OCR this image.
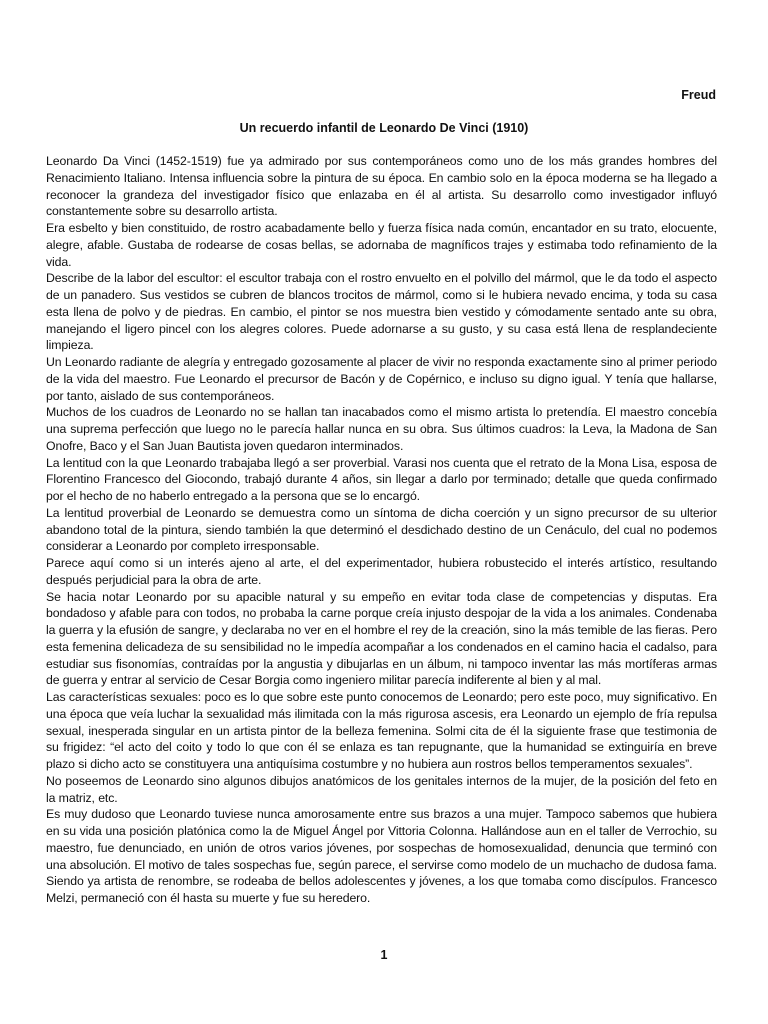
Freud
Un recuerdo infantil de Leonardo De Vinci (1910)

Leonardo Da Vinci (1452-1519) fue ya admirado por sus contemporáneos como uno de los más grandes hombres del Renacimiento Italiano. Intensa influencia sobre la pintura de su época. En cambio solo en la época moderna se ha llegado a reconocer la grandeza del investigador físico que enlazaba en él al artista. Su desarrollo como investigador influyó constantemente sobre su desarrollo artista.

Era esbelto y bien constituido, de rostro acabadamente bello y fuerza física nada común, encantador en su trato, elocuente, alegre, afable. Gustaba de rodearse de cosas bellas, se adornaba de magníficos trajes y estimaba todo refinamiento de la vida.

Describe de la labor del escultor: el escultor trabaja con el rostro envuelto en el polvillo del mármol, que le da todo el aspecto de un panadero. Sus vestidos se cubren de blancos trocitos de mármol, como si le hubiera nevado encima, y toda su casa esta llena de polvo y de piedras. En cambio, el pintor se nos muestra bien vestido y cómodamente sentado ante su obra, manejando el ligero pincel con los alegres colores. Puede adornarse a su gusto, y su casa está llena de resplandeciente limpieza.

Un Leonardo radiante de alegría y entregado gozosamente al placer de vivir no responda exactamente sino al primer periodo de la vida del maestro. Fue Leonardo el precursor de Bacón y de Copérnico, e incluso su digno igual. Y tenía que hallarse, por tanto, aislado de sus contemporáneos.

Muchos de los cuadros de Leonardo no se hallan tan inacabados como el mismo artista lo pretendía. El maestro concebía una suprema perfección que luego no le parecía hallar nunca en su obra. Sus últimos cuadros: la Leva, la Madona de San Onofre, Baco y el San Juan Bautista joven quedaron interminados.

La lentitud con la que Leonardo trabajaba llegó a ser proverbial. Varasi nos cuenta que el retrato de la Mona Lisa, esposa de Florentino Francesco del Giocondo, trabajó durante 4 años, sin llegar a darlo por terminado; detalle que queda confirmado por el hecho de no haberlo entregado a la persona que se lo encargó.

La lentitud proverbial de Leonardo se demuestra como un síntoma de dicha coerción y un signo precursor de su ulterior abandono total de la pintura, siendo también la que determinó el desdichado destino de un Cenáculo, del cual no podemos considerar a Leonardo por completo irresponsable.

Parece aquí como si un interés ajeno al arte, el del experimentador, hubiera robustecido el interés artístico, resultando después perjudicial para la obra de arte.

Se hacia notar Leonardo por su apacible natural y su empeño en evitar toda clase de competencias y disputas. Era bondadoso y afable para con todos, no probaba la carne porque creía injusto despojar de la vida a los animales. Condenaba la guerra y la efusión de sangre, y declaraba no ver en el hombre el rey de la creación, sino la más temible de las fieras. Pero esta femenina delicadeza de su sensibilidad no le impedía acompañar a los condenados en el camino hacia el cadalso, para estudiar sus fisonomías, contraídas por la angustia y dibujarlas en un álbum, ni tampoco inventar las más mortíferas armas de guerra y entrar al servicio de Cesar Borgia como ingeniero militar parecía indiferente al bien y al mal.

Las características sexuales: poco es lo que sobre este punto conocemos de Leonardo; pero este poco, muy significativo. En una época que veía luchar la sexualidad más ilimitada con la más rigurosa ascesis, era Leonardo un ejemplo de fría repulsa sexual, inesperada singular en un artista pintor de la belleza femenina. Solmi cita de él la siguiente frase que testimonia de su frigidez: “el acto del coito y todo lo que con él se enlaza es tan repugnante, que la humanidad se extinguiría en breve plazo si dicho acto se constituyera una antiquísima costumbre y no hubiera aun rostros bellos temperamentos sexuales”.

No poseemos de Leonardo sino algunos dibujos anatómicos de los genitales internos de la mujer, de la posición del feto en la matriz, etc.

Es muy dudoso que Leonardo tuviese nunca amorosamente entre sus brazos a una mujer. Tampoco sabemos que hubiera en su vida una posición platónica como la de Miguel Ángel por Vittoria Colonna. Hallándose aun en el taller de Verrochio, su maestro, fue denunciado, en unión de otros varios jóvenes, por sospechas de homosexualidad, denuncia que terminó con una absolución. El motivo de tales sospechas fue, según parece, el servirse como modelo de un muchacho de dudosa fama. Siendo ya artista de renombre, se rodeaba de bellos adolescentes y jóvenes, a los que tomaba como discípulos. Francesco Melzi, permaneció con él hasta su muerte y fue su heredero.

1
